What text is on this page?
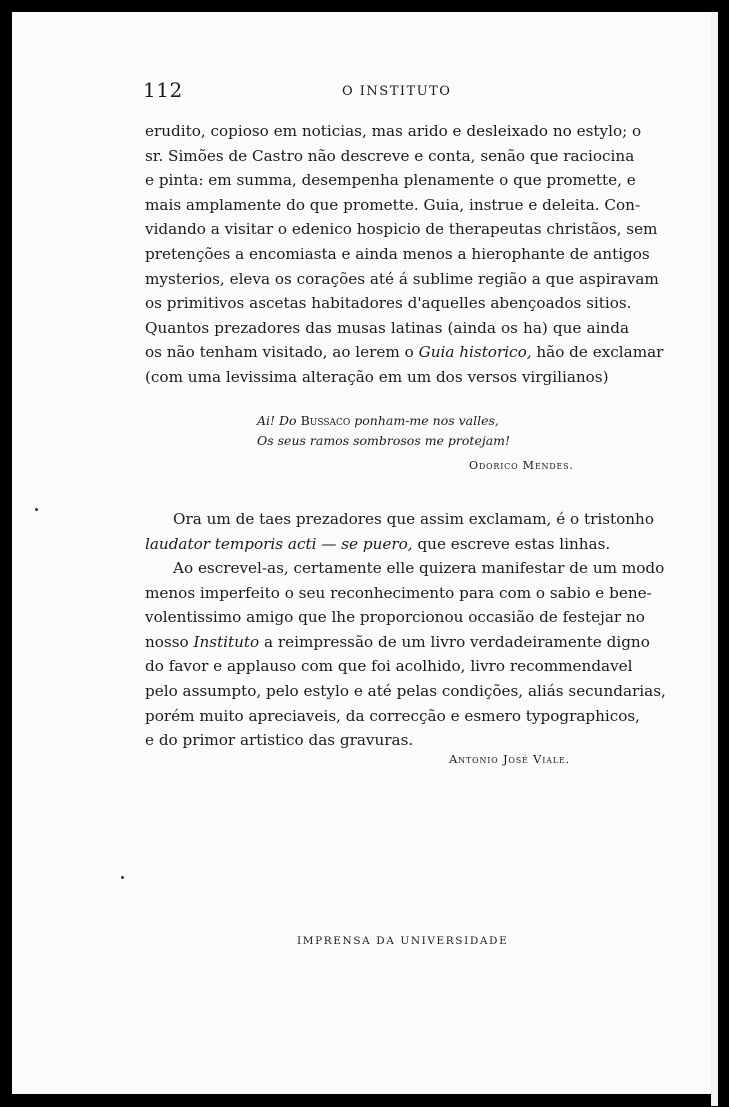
112	O INSTITUTO
erudito, copioso em noticias, mas arido e desleixado no estylo; o
sr. Simões de Castro não descreve e conta, senão que raciocina
e pinta: em summa, desempenha plenamente o que promette, e
mais amplamente do que promette. Guia, instrue e deleita. Con-
vidando a visitar o edenico hospicio de therapeutas christãos, sem
pretenções a encomiasta e ainda menos a hierophante de antigos
mysterios, eleva os corações até á sublime região a que aspiravam
os primitivos ascetas habitadores d'aquelles abençoados sitios.
Quantos prezadores das musas latinas (ainda os ha) que ainda
os não tenham visitado, ao lerem o Guia historico, hão de exclamar
(com uma levissima alteração em um dos versos virgilianos)
Ai! Do Bussaco ponham-me nos valles,
Os seus ramos sombrosos me protejam!
Odorico Mendes.
Ora um de taes prezadores que assim exclamam, é o tristonho
laudator temporis acti — se puero, que escreve estas linhas.
Ao escrevel-as, certamente elle quizera manifestar de um modo
menos imperfeito o seu reconhecimento para com o sabio e bene-
volentissimo amigo que lhe proporcionou occasião de festejar no
nosso Instituto a reimpressão de um livro verdadeiramente digno
do favor e applauso com que foi acolhido, livro recommendavel
pelo assumpto, pelo estylo e até pelas condições, aliás secundarias,
porém muito apreciaveis, da correcção e esmero typographicos,
e do primor artistico das gravuras.
Antonio José Viale.
IMPRENSA DA UNIVERSIDADE
